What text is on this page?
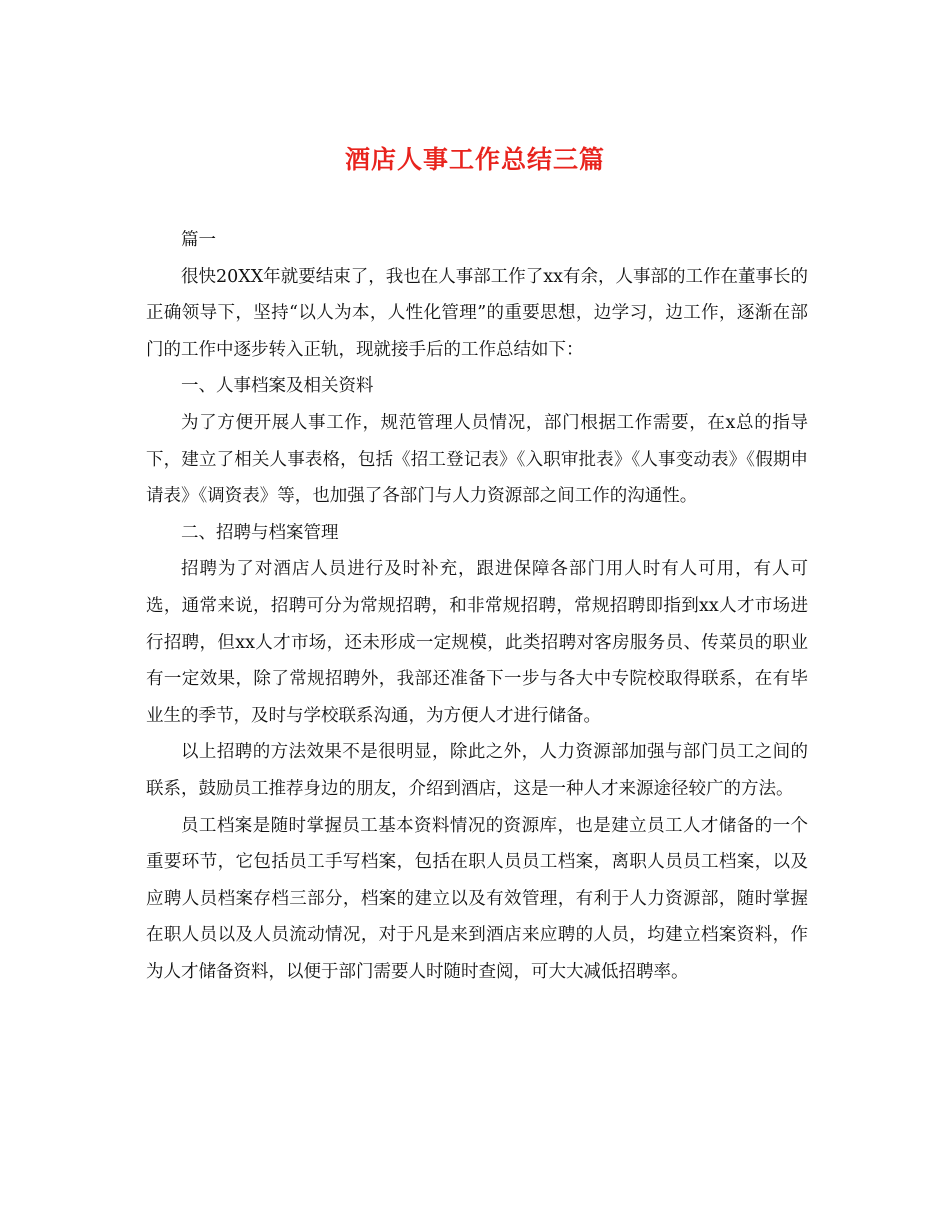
酒店人事工作总结三篇

篇一

很快20XX年就要结束了，我也在人事部工作了xx有余，人事部的工作在董事长的正确领导下，坚持“以人为本，人性化管理”的重要思想，边学习，边工作，逐渐在部门的工作中逐步转入正轨，现就接手后的工作总结如下：

一、人事档案及相关资料

为了方便开展人事工作，规范管理人员情况，部门根据工作需要，在x总的指导下，建立了相关人事表格，包括《招工登记表》《入职审批表》《人事变动表》《假期申请表》《调资表》等，也加强了各部门与人力资源部之间工作的沟通性。

二、招聘与档案管理

招聘为了对酒店人员进行及时补充，跟进保障各部门用人时有人可用，有人可选，通常来说，招聘可分为常规招聘，和非常规招聘，常规招聘即指到xx人才市场进行招聘，但xx人才市场，还未形成一定规模，此类招聘对客房服务员、传菜员的职业有一定效果，除了常规招聘外，我部还准备下一步与各大中专院校取得联系，在有毕业生的季节，及时与学校联系沟通，为方便人才进行储备。

以上招聘的方法效果不是很明显，除此之外，人力资源部加强与部门员工之间的联系，鼓励员工推荐身边的朋友，介绍到酒店，这是一种人才来源途径较广的方法。

员工档案是随时掌握员工基本资料情况的资源库，也是建立员工人才储备的一个重要环节，它包括员工手写档案，包括在职人员员工档案，离职人员员工档案，以及应聘人员档案存档三部分，档案的建立以及有效管理，有利于人力资源部，随时掌握在职人员以及人员流动情况，对于凡是来到酒店来应聘的人员，均建立档案资料，作为人才储备资料，以便于部门需要人时随时查阅，可大大减低招聘率。
